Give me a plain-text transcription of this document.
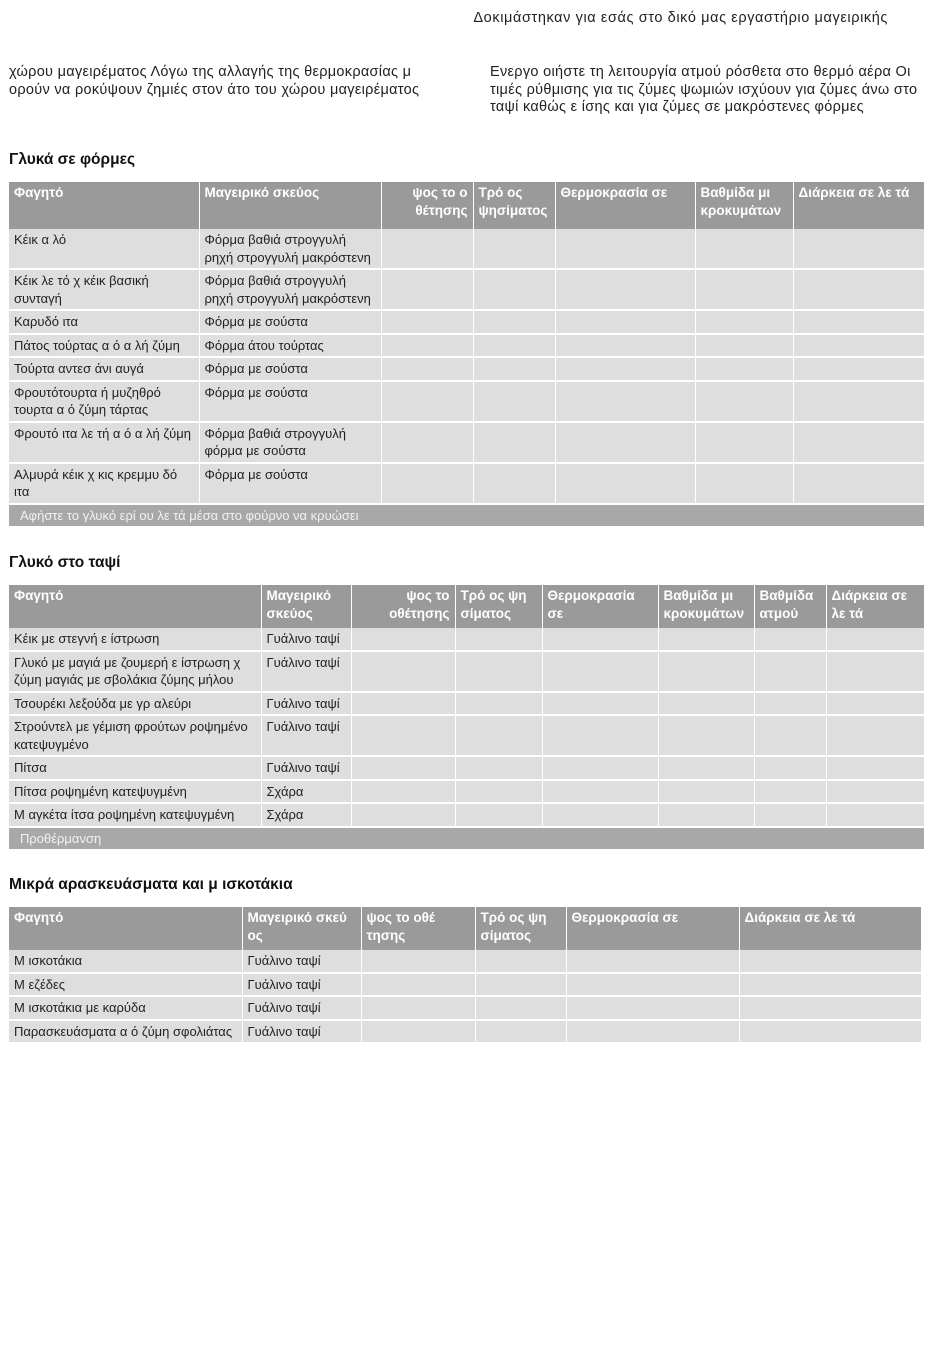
Δοκιμάστηκαν για εσάς στο δικό μας εργαστήριο μαγειρικής
χώρου μαγειρέματος Λόγω της αλλαγής της θερμοκρασίας μ ορούν να ροκύψουν ζημιές στον άτο του χώρου μαγειρέματος
Ενεργο οιήστε τη λειτουργία ατμού ρόσθετα στο θερμό αέρα Οι τιμές ρύθμισης για τις ζύμες ψωμιών ισχύουν για ζύμες άνω στο ταψί καθώς ε ίσης και για ζύμες σε μακρόστενες φόρμες
Γλυκά σε φόρμες
Φαγητό	Μαγειρικό σκεύος	ψος το ο θέτησης	Τρό ος ψησίματος	Θερμοκρασία σε	Βαθμίδα μι κροκυμάτων	Διάρκεια σε λε τά
Κέικ α λό	Φόρμα βαθιά στρογγυλή ρηχή στρογγυλή μακρόστενη					
Κέικ λε τό χ κέικ βασική συνταγή	Φόρμα βαθιά στρογγυλή ρηχή στρογγυλή μακρόστενη					
Καρυδό ιτα	Φόρμα με σούστα					
Πάτος τούρτας α ό α λή ζύμη	Φόρμα άτου τούρτας					
Τούρτα αντεσ άνι αυγά	Φόρμα με σούστα					
Φρουτότουρτα ή μυζηθρό τουρτα α ό ζύμη τάρτας	Φόρμα με σούστα					
Φρουτό ιτα λε τή α ό α λή ζύμη	Φόρμα βαθιά στρογγυλή φόρμα με σούστα					
Αλμυρά κέικ χ κις κρεμμυ δό ιτα	Φόρμα με σούστα					
Αφήστε το γλυκό ερί ου λε τά μέσα στο φούρνο να κρυώσει						
Γλυκό στο ταψί
Φαγητό	Μαγειρικό σκεύος	ψος το οθέτησης	Τρό ος ψη σίματος	Θερμοκρασία σε	Βαθμίδα μι κροκυμάτων	Βαθμίδα ατμού	Διάρκεια σε λε τά
Κέικ με στεγνή ε ίστρωση	Γυάλινο ταψί						
Γλυκό με μαγιά με ζουμερή ε ίστρωση χ ζύμη μαγιάς με σβολάκια ζύμης μήλου	Γυάλινο ταψί						
Τσουρέκι λεξούδα με γρ αλεύρι	Γυάλινο ταψί						
Στρούντελ με γέμιση φρούτων ροψημένο κατεψυγμένο	Γυάλινο ταψί						
Πίτσα	Γυάλινο ταψί						
Πίτσα ροψημένη κατεψυγμένη	Σχάρα						
Μ αγκέτα ίτσα ροψημένη κατεψυγμένη	Σχάρα						
Προθέρμανση							
Μικρά αρασκευάσματα και μ ισκοτάκια
Φαγητό	Μαγειρικό σκεύ ος	ψος το οθέ τησης	Τρό ος ψη σίματος	Θερμοκρασία σε	Διάρκεια σε λε τά
Μ ισκοτάκια	Γυάλινο ταψί				
Μ εζέδες	Γυάλινο ταψί				
Μ ισκοτάκια με καρύδα	Γυάλινο ταψί				
Παρασκευάσματα α ό ζύμη σφολιάτας	Γυάλινο ταψί				
